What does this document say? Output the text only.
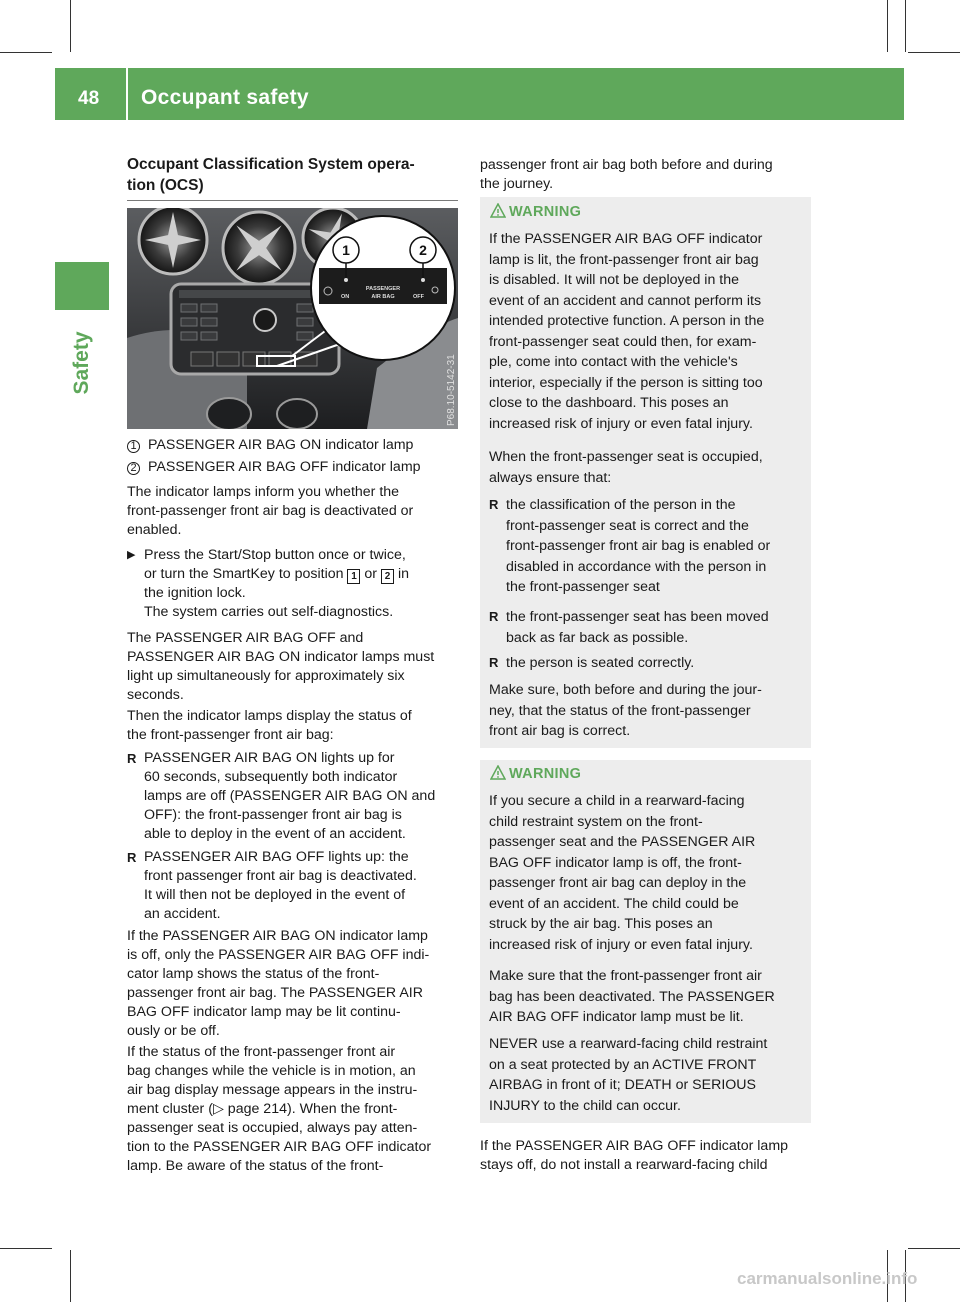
48 Occupant safety
Safety
Occupant Classification System opera-
tion (OCS)
1	2
ON
PASSENGER
AIR BAG	OFF
P68.10-5142-31
1 PASSENGER AIR BAG ON indicator lamp
2 PASSENGER AIR BAG OFF indicator lamp
The indicator lamps inform you whether the
front-passenger front air bag is deactivated or
enabled.
▶ Press the Start/Stop button once or twice,
or turn the SmartKey to position 1 or 2 in
the ignition lock.
The system carries out self-diagnostics.
The PASSENGER AIR BAG OFF and
PASSENGER AIR BAG ON indicator lamps must
light up simultaneously for approximately six
seconds.
Then the indicator lamps display the status of
the front-passenger front air bag:
R PASSENGER AIR BAG ON lights up for
60 seconds, subsequently both indicator
lamps are off (PASSENGER AIR BAG ON and
OFF): the front-passenger front air bag is
able to deploy in the event of an accident.
R PASSENGER AIR BAG OFF lights up: the
front passenger front air bag is deactivated.
It will then not be deployed in the event of
an accident.
If the PASSENGER AIR BAG ON indicator lamp
is off, only the PASSENGER AIR BAG OFF indi-
cator lamp shows the status of the front-
passenger front air bag. The PASSENGER AIR
BAG OFF indicator lamp may be lit continu-
ously or be off.
If the status of the front-passenger front air
bag changes while the vehicle is in motion, an
air bag display message appears in the instru-
ment cluster (▷ page 214). When the front-
passenger seat is occupied, always pay atten-
tion to the PASSENGER AIR BAG OFF indicator
lamp. Be aware of the status of the front-
passenger front air bag both before and during
the journey.
WARNING
If the PASSENGER AIR BAG OFF indicator
lamp is lit, the front-passenger front air bag
is disabled. It will not be deployed in the
event of an accident and cannot perform its
intended protective function. A person in the
front-passenger seat could then, for exam-
ple, come into contact with the vehicle's
interior, especially if the person is sitting too
close to the dashboard. This poses an
increased risk of injury or even fatal injury.
When the front-passenger seat is occupied,
always ensure that:
R the classification of the person in the
front-passenger seat is correct and the
front-passenger front air bag is enabled or
disabled in accordance with the person in
the front-passenger seat
R the front-passenger seat has been moved
back as far back as possible.
R the person is seated correctly.
Make sure, both before and during the jour-
ney, that the status of the front-passenger
front air bag is correct.
WARNING
If you secure a child in a rearward-facing
child restraint system on the front-
passenger seat and the PASSENGER AIR
BAG OFF indicator lamp is off, the front-
passenger front air bag can deploy in the
event of an accident. The child could be
struck by the air bag. This poses an
increased risk of injury or even fatal injury.
Make sure that the front-passenger front air
bag has been deactivated. The PASSENGER
AIR BAG OFF indicator lamp must be lit.
NEVER use a rearward-facing child restraint
on a seat protected by an ACTIVE FRONT
AIRBAG in front of it; DEATH or SERIOUS
INJURY to the child can occur.
If the PASSENGER AIR BAG OFF indicator lamp
stays off, do not install a rearward-facing child
carmanualsonline.info
